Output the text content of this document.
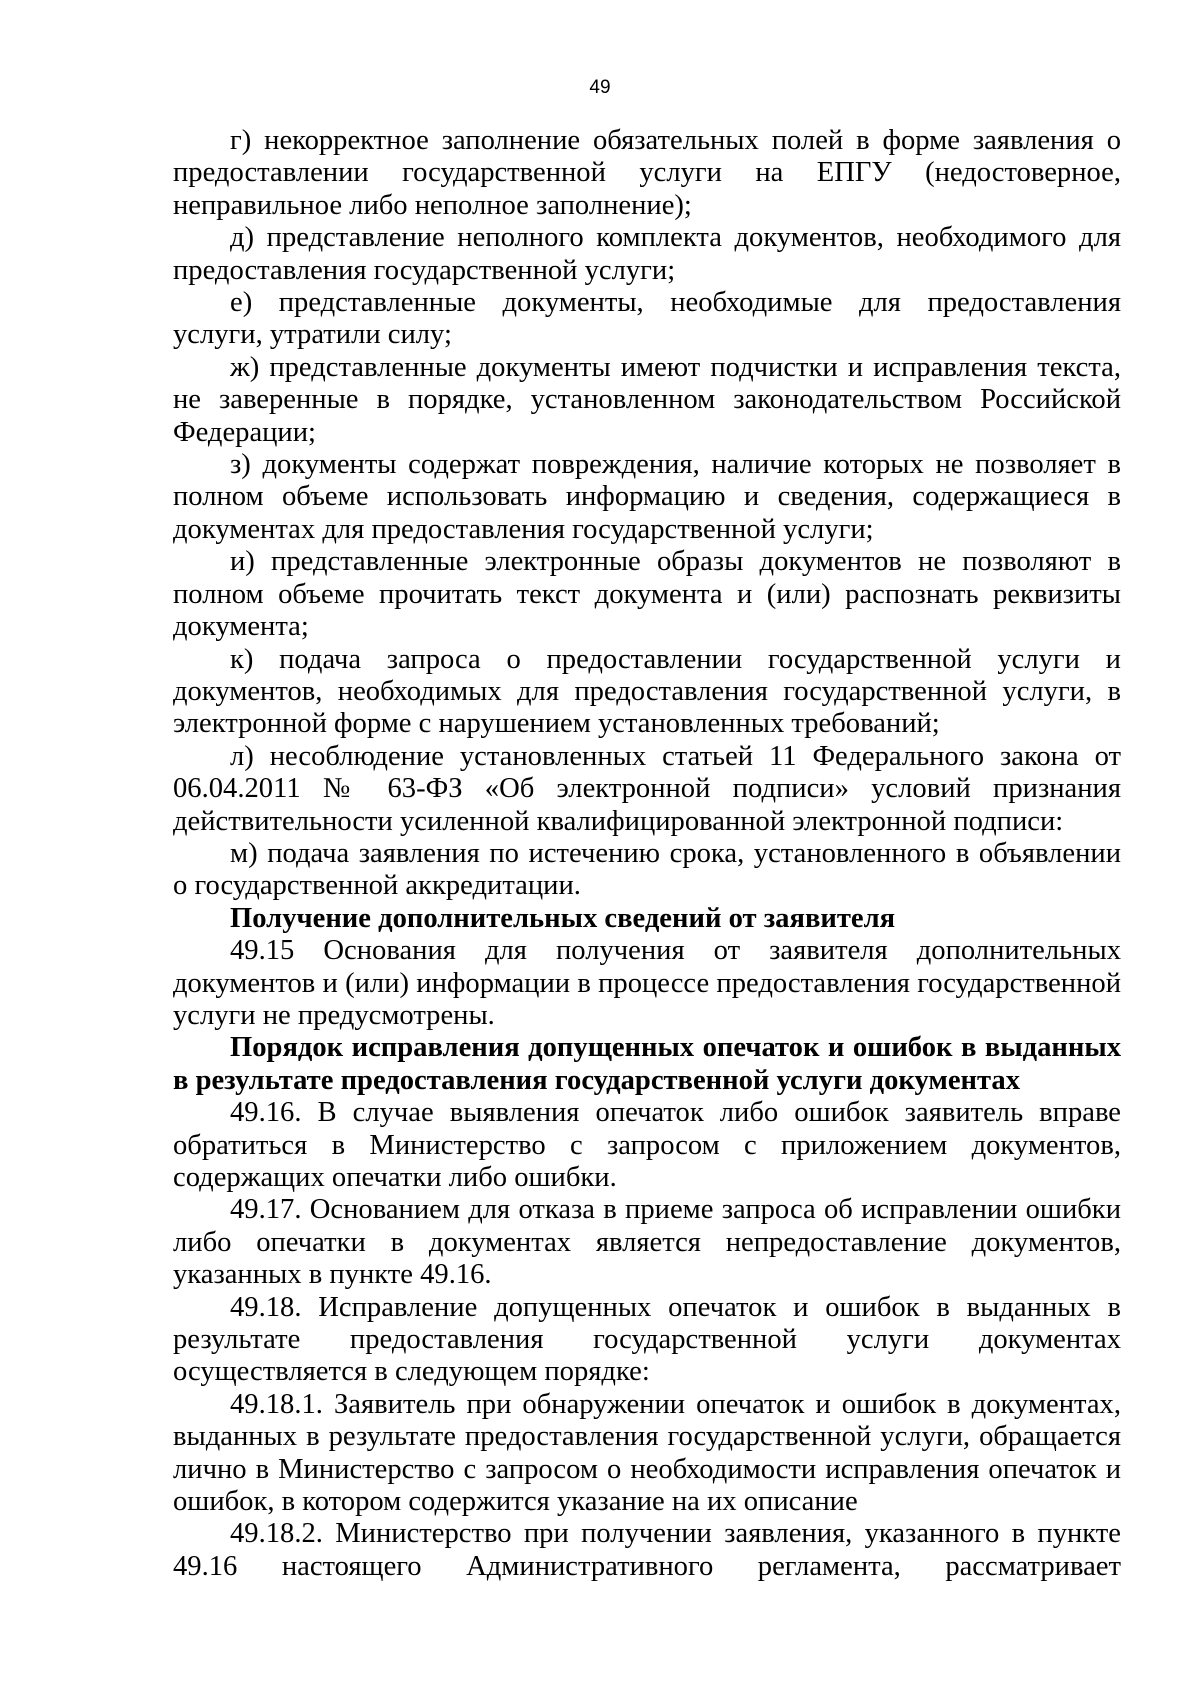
49

г) некорректное заполнение обязательных полей в форме заявления о предоставлении государственной услуги на ЕПГУ (недостоверное, неправильное либо неполное заполнение);

д) представление неполного комплекта документов, необходимого для предоставления государственной услуги;

е) представленные документы, необходимые для предоставления услуги, утратили силу;

ж) представленные документы имеют подчистки и исправления текста, не заверенные в порядке, установленном законодательством Российской Федерации;

з) документы содержат повреждения, наличие которых не позволяет в полном объеме использовать информацию и сведения, содержащиеся в документах для предоставления государственной услуги;

и) представленные электронные образы документов не позволяют в полном объеме прочитать текст документа и (или) распознать реквизиты документа;

к) подача запроса о предоставлении государственной услуги и документов, необходимых для предоставления государственной услуги, в электронной форме с нарушением установленных требований;

л) несоблюдение установленных статьей 11 Федерального закона от 06.04.2011 № 63-ФЗ «Об электронной подписи» условий признания действительности усиленной квалифицированной электронной подписи:

м) подача заявления по истечению срока, установленного в объявлении о государственной аккредитации.

Получение дополнительных сведений от заявителя

49.15 Основания для получения от заявителя дополнительных документов и (или) информации в процессе предоставления государственной услуги не предусмотрены.

Порядок исправления допущенных опечаток и ошибок в выданных в результате предоставления государственной услуги документах

49.16. В случае выявления опечаток либо ошибок заявитель вправе обратиться в Министерство с запросом с приложением документов, содержащих опечатки либо ошибки.

49.17. Основанием для отказа в приеме запроса об исправлении ошибки либо опечатки в документах является непредоставление документов, указанных в пункте 49.16.

49.18. Исправление допущенных опечаток и ошибок в выданных в результате предоставления государственной услуги документах осуществляется в следующем порядке:

49.18.1. Заявитель при обнаружении опечаток и ошибок в документах, выданных в результате предоставления государственной услуги, обращается лично в Министерство с запросом о необходимости исправления опечаток и ошибок, в котором содержится указание на их описание

49.18.2. Министерство при получении заявления, указанного в пункте 49.16 настоящего Административного регламента, рассматривает
